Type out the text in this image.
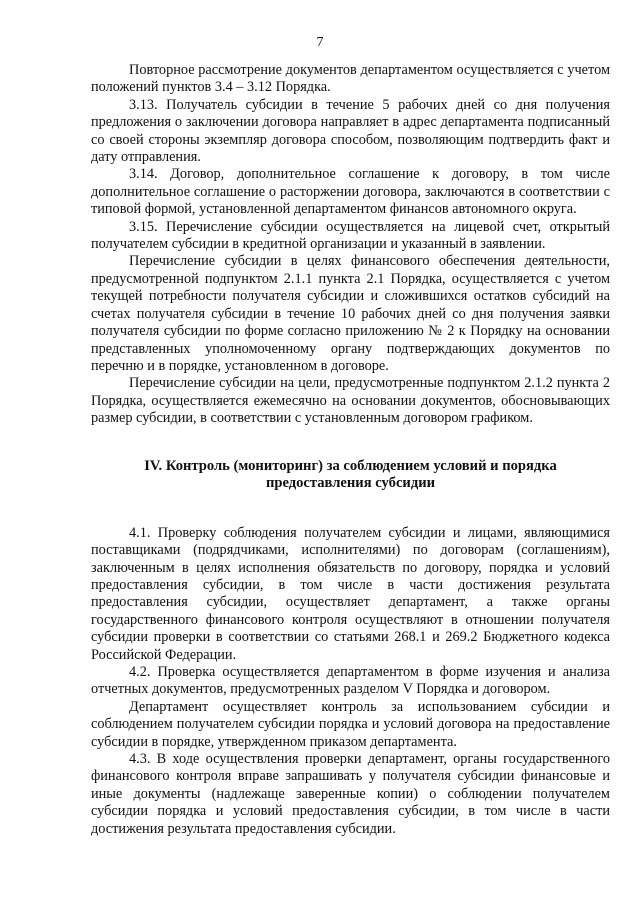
7

Повторное рассмотрение документов департаментом осуществляется с учетом положений пунктов 3.4 – 3.12 Порядка.

3.13. Получатель субсидии в течение 5 рабочих дней со дня получения предложения о заключении договора направляет в адрес департамента подписанный со своей стороны экземпляр договора способом, позволяющим подтвердить факт и дату отправления.

3.14. Договор, дополнительное соглашение к договору, в том числе дополнительное соглашение о расторжении договора, заключаются в соответствии с типовой формой, установленной департаментом финансов автономного округа.

3.15. Перечисление субсидии осуществляется на лицевой счет, открытый получателем субсидии в кредитной организации и указанный в заявлении.

Перечисление субсидии в целях финансового обеспечения деятельности, предусмотренной подпунктом 2.1.1 пункта 2.1 Порядка, осуществляется с учетом текущей потребности получателя субсидии и сложившихся остатков субсидий на счетах получателя субсидии в течение 10 рабочих дней со дня получения заявки получателя субсидии по форме согласно приложению № 2 к Порядку на основании представленных уполномоченному органу подтверждающих документов по перечню и в порядке, установленном в договоре.

Перечисление субсидии на цели, предусмотренные подпунктом 2.1.2 пункта 2 Порядка, осуществляется ежемесячно на основании документов, обосновывающих размер субсидии, в соответствии с установленным договором графиком.

IV. Контроль (мониторинг) за соблюдением условий и порядка
предоставления субсидии

4.1. Проверку соблюдения получателем субсидии и лицами, являющимися поставщиками (подрядчиками, исполнителями) по договорам (соглашениям), заключенным в целях исполнения обязательств по договору, порядка и условий предоставления субсидии, в том числе в части достижения результата предоставления субсидии, осуществляет департамент, а также органы государственного финансового контроля осуществляют в отношении получателя субсидии проверки в соответствии со статьями 268.1 и 269.2 Бюджетного кодекса Российской Федерации.

4.2. Проверка осуществляется департаментом в форме изучения и анализа отчетных документов, предусмотренных разделом V Порядка и договором.

Департамент осуществляет контроль за использованием субсидии и соблюдением получателем субсидии порядка и условий договора на предоставление субсидии в порядке, утвержденном приказом департамента.

4.3. В ходе осуществления проверки департамент, органы государственного финансового контроля вправе запрашивать у получателя субсидии финансовые и иные документы (надлежаще заверенные копии) о соблюдении получателем субсидии порядка и условий предоставления субсидии, в том числе в части достижения результата предоставления субсидии.
